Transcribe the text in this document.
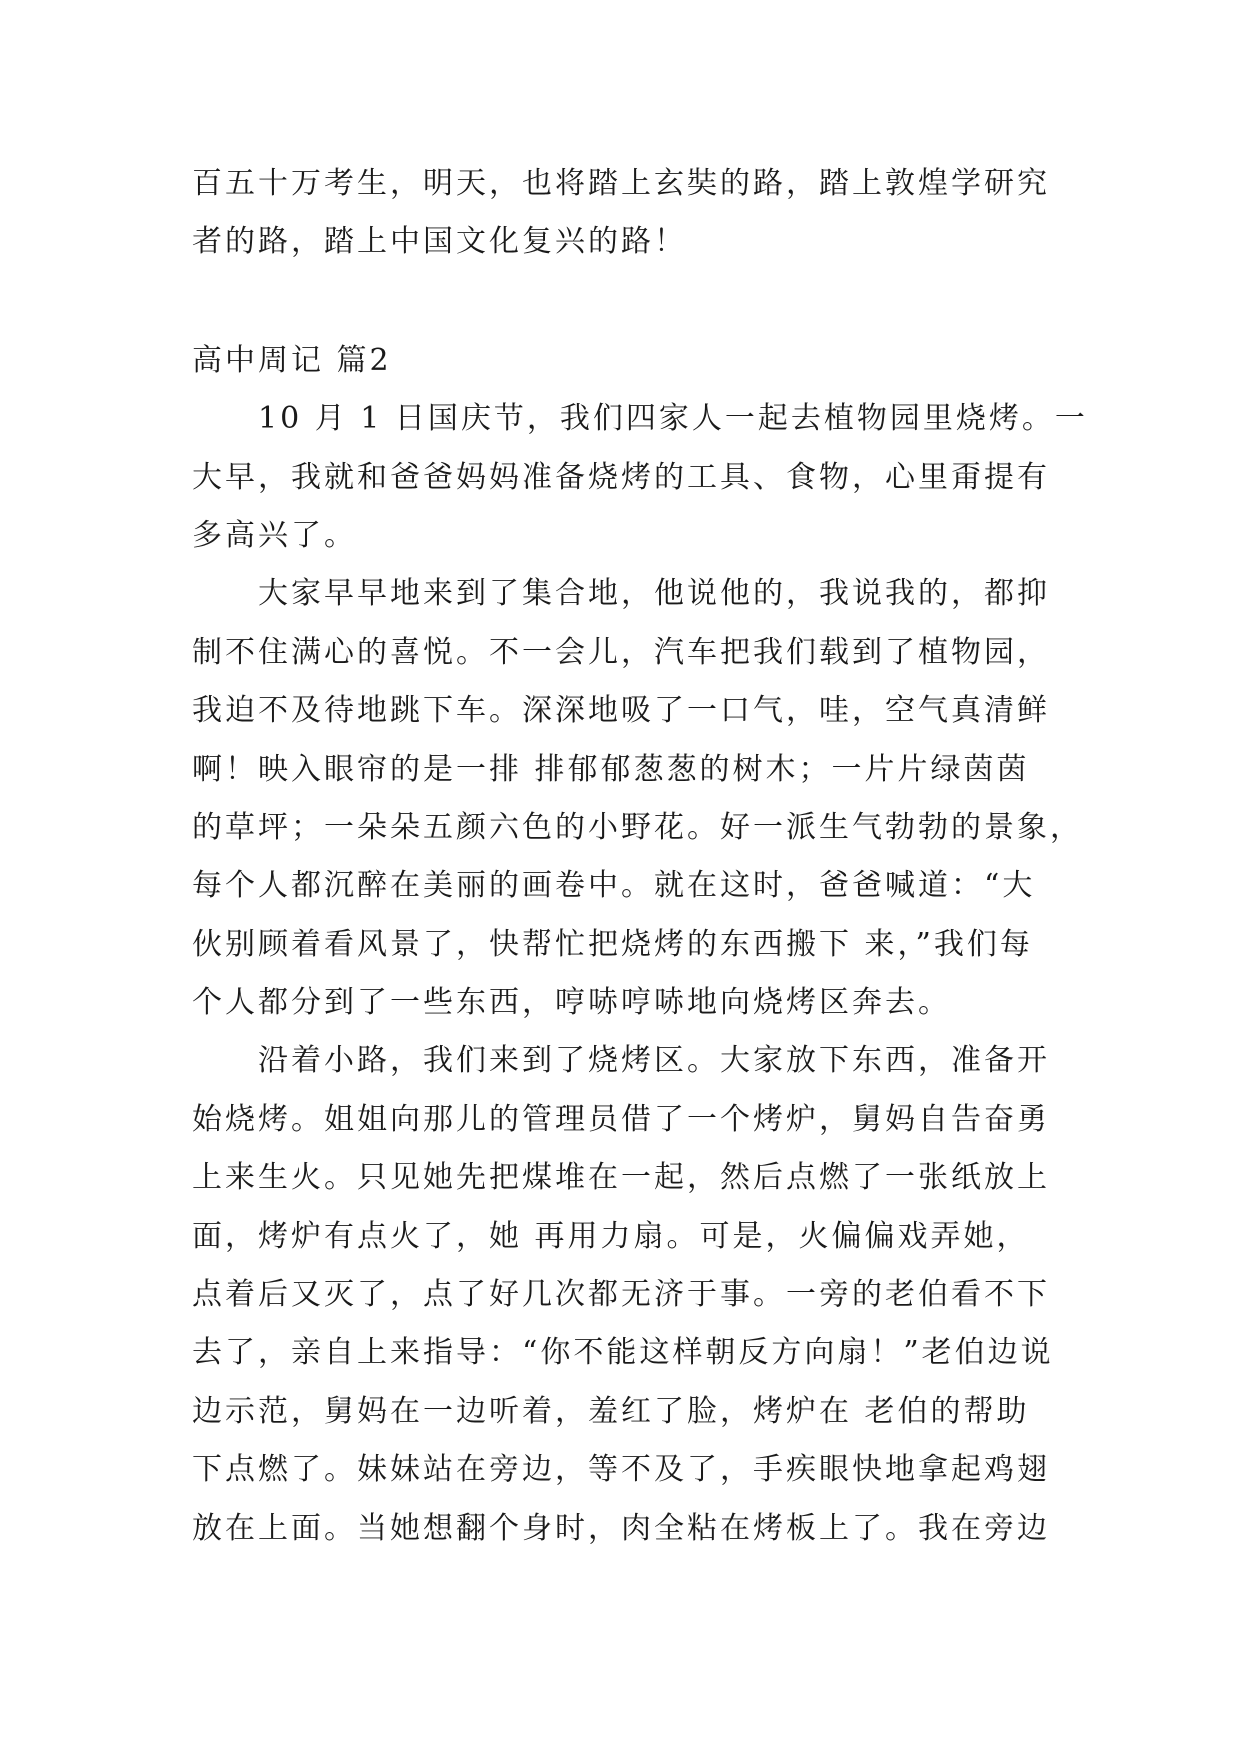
百五十万考生，明天，也将踏上玄奘的路，踏上敦煌学研究
者的路，踏上中国文化复兴的路！
高中周记 篇2
10 月 1 日国庆节，我们四家人一起去植物园里烧烤。一
大早，我就和爸爸妈妈准备烧烤的工具、食物，心里甭提有
多高兴了。
大家早早地来到了集合地，他说他的，我说我的，都抑
制不住满心的喜悦。不一会儿，汽车把我们载到了植物园，
我迫不及待地跳下车。深深地吸了一口气，哇，空气真清鲜
啊！映入眼帘的是一排 排郁郁葱葱的树木；一片片绿茵茵
的草坪；一朵朵五颜六色的小野花。好一派生气勃勃的景象，
每个人都沉醉在美丽的画卷中。就在这时，爸爸喊道：“大
伙别顾着看风景了，快帮忙把烧烤的东西搬下 来，”我们每
个人都分到了一些东西，哼哧哼哧地向烧烤区奔去。
沿着小路，我们来到了烧烤区。大家放下东西，准备开
始烧烤。姐姐向那儿的管理员借了一个烤炉，舅妈自告奋勇
上来生火。只见她先把煤堆在一起，然后点燃了一张纸放上
面，烤炉有点火了，她 再用力扇。可是，火偏偏戏弄她，
点着后又灭了，点了好几次都无济于事。一旁的老伯看不下
去了，亲自上来指导：“你不能这样朝反方向扇！”老伯边说
边示范，舅妈在一边听着，羞红了脸，烤炉在 老伯的帮助
下点燃了。妹妹站在旁边，等不及了，手疾眼快地拿起鸡翅
放在上面。当她想翻个身时，肉全粘在烤板上了。我在旁边
